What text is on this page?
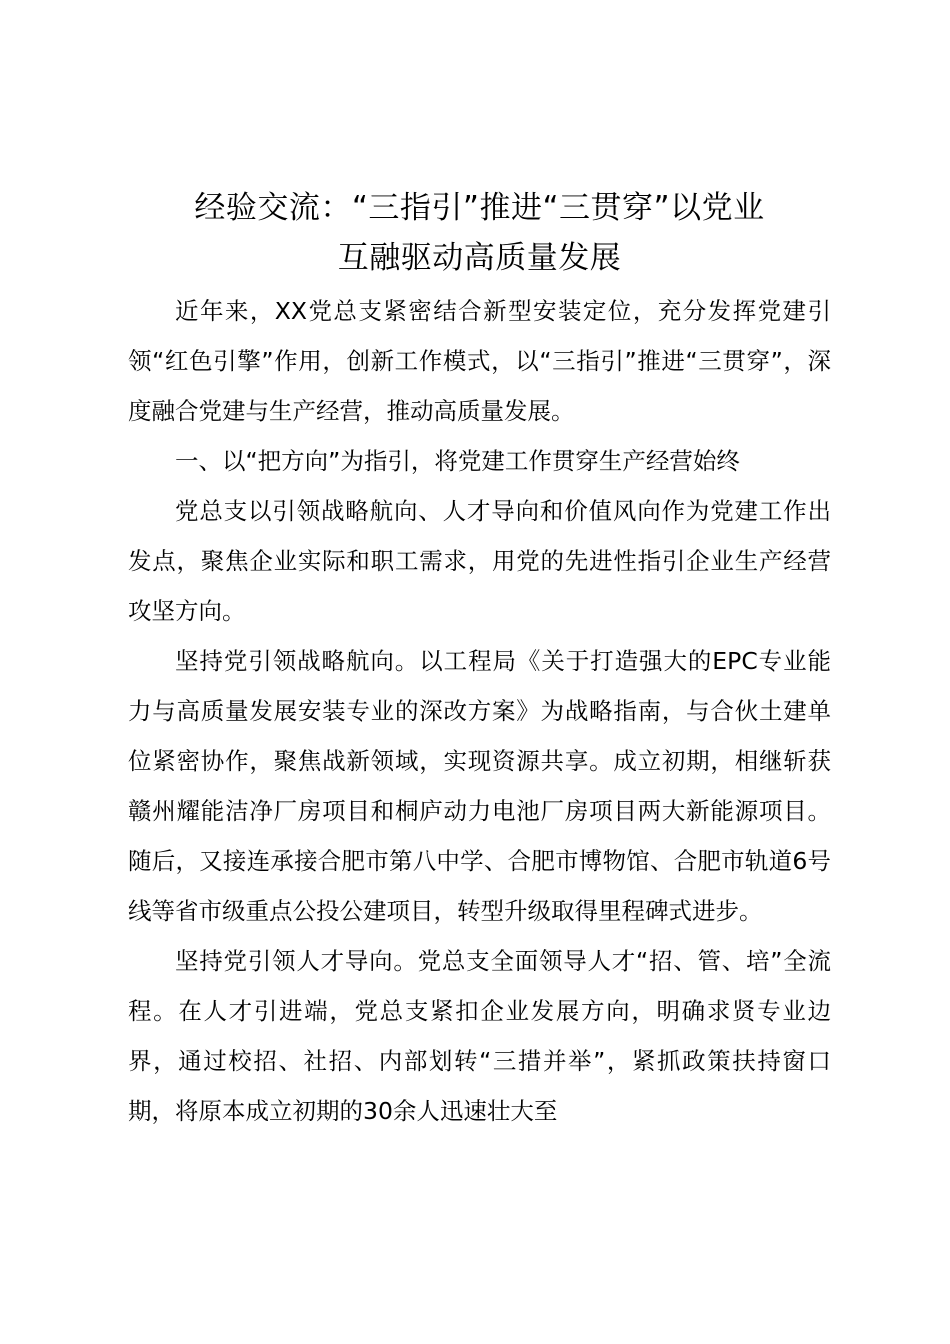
经验交流：“三指引”推进“三贯穿”以党业
互融驱动高质量发展

近年来，XX党总支紧密结合新型安装定位，充分发挥党建引领“红色引擎”作用，创新工作模式，以“三指引”推进“三贯穿”，深度融合党建与生产经营，推动高质量发展。

一、以“把方向”为指引，将党建工作贯穿生产经营始终

党总支以引领战略航向、人才导向和价值风向作为党建工作出发点，聚焦企业实际和职工需求，用党的先进性指引企业生产经营攻坚方向。

坚持党引领战略航向。以工程局《关于打造强大的EPC专业能力与高质量发展安装专业的深改方案》为战略指南，与合伙土建单位紧密协作，聚焦战新领域，实现资源共享。成立初期，相继斩获赣州耀能洁净厂房项目和桐庐动力电池厂房项目两大新能源项目。随后，又接连承接合肥市第八中学、合肥市博物馆、合肥市轨道6号线等省市级重点公投公建项目，转型升级取得里程碑式进步。

坚持党引领人才导向。党总支全面领导人才“招、管、培”全流程。在人才引进端，党总支紧扣企业发展方向，明确求贤专业边界，通过校招、社招、内部划转“三措并举”，紧抓政策扶持窗口期，将原本成立初期的30余人迅速壮大至
